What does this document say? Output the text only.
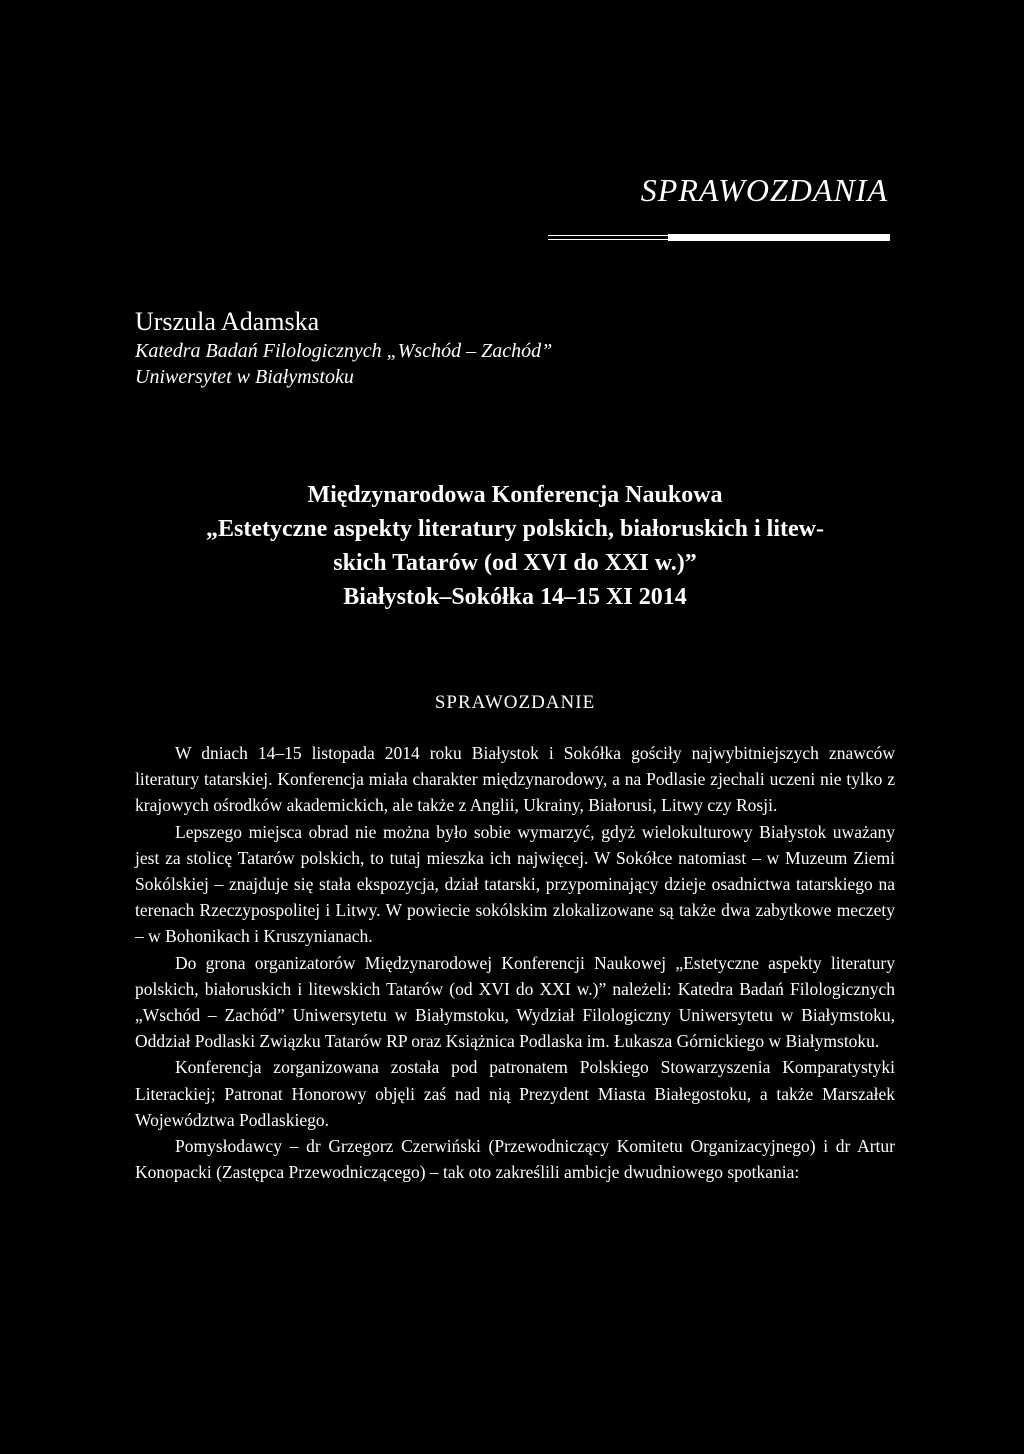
SPRAWOZDANIA
Urszula Adamska
Katedra Badań Filologicznych „Wschód – Zachód”
Uniwersytet w Białymstoku
Międzynarodowa Konferencja Naukowa
„Estetyczne aspekty literatury polskich, białoruskich i litew-
skich Tatarów (od XVI do XXI w.)”
Białystok–Sokółka 14–15 XI 2014
SPRAWOZDANIE

W dniach 14–15 listopada 2014 roku Białystok i Sokółka gościły najwybitniejszych znawców literatury tatarskiej. Konferencja miała charakter międzynarodowy, a na Podlasie zjechali uczeni nie tylko z krajowych ośrodków akademickich, ale także z Anglii, Ukrainy, Białorusi, Litwy czy Rosji.

Lepszego miejsca obrad nie można było sobie wymarzyć, gdyż wielokulturowy Białystok uważany jest za stolicę Tatarów polskich, to tutaj mieszka ich najwięcej. W Sokółce natomiast – w Muzeum Ziemi Sokólskiej – znajduje się stała ekspozycja, dział tatarski, przypominający dzieje osadnictwa tatarskiego na terenach Rzeczypospolitej i Litwy. W powiecie sokólskim zlokalizowane są także dwa zabytkowe meczety – w Bohonikach i Kruszynianach.

Do grona organizatorów Międzynarodowej Konferencji Naukowej „Estetyczne aspekty literatury polskich, białoruskich i litewskich Tatarów (od XVI do XXI w.)” należeli: Katedra Badań Filologicznych „Wschód – Zachód” Uniwersytetu w Białymstoku, Wydział Filologiczny Uniwersytetu w Białymstoku, Oddział Podlaski Związku Tatarów RP oraz Książnica Podlaska im. Łukasza Górnickiego w Białymstoku.

Konferencja zorganizowana została pod patronatem Polskiego Stowarzyszenia Komparatystyki Literackiej; Patronat Honorowy objęli zaś nad nią Prezydent Miasta Białegostoku, a także Marszałek Województwa Podlaskiego.

Pomysłodawcy – dr Grzegorz Czerwiński (Przewodniczący Komitetu Organizacyjnego) i dr Artur Konopacki (Zastępca Przewodniczącego) – tak oto zakreślili ambicje dwudniowego spotkania:
